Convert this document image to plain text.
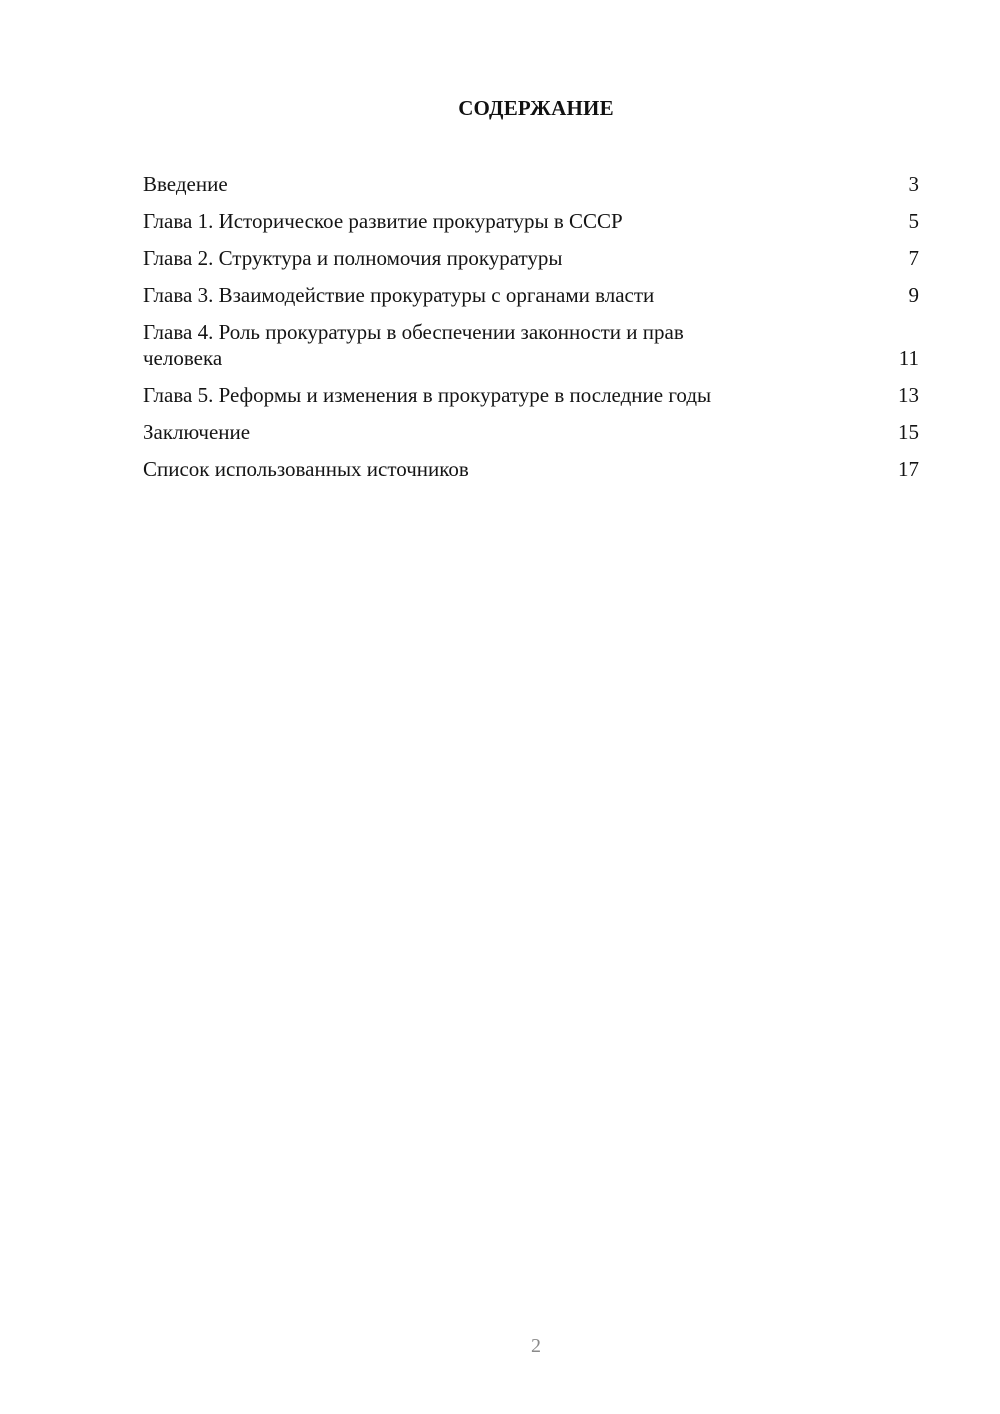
СОДЕРЖАНИЕ
Введение	3
Глава 1. Историческое развитие прокуратуры в СССР	5
Глава 2. Структура и полномочия прокуратуры	7
Глава 3. Взаимодействие прокуратуры с органами власти	9
Глава 4. Роль прокуратуры в обеспечении законности и прав
человека	11
Глава 5. Реформы и изменения в прокуратуре в последние годы	13
Заключение	15
Список использованных источников	17
2
